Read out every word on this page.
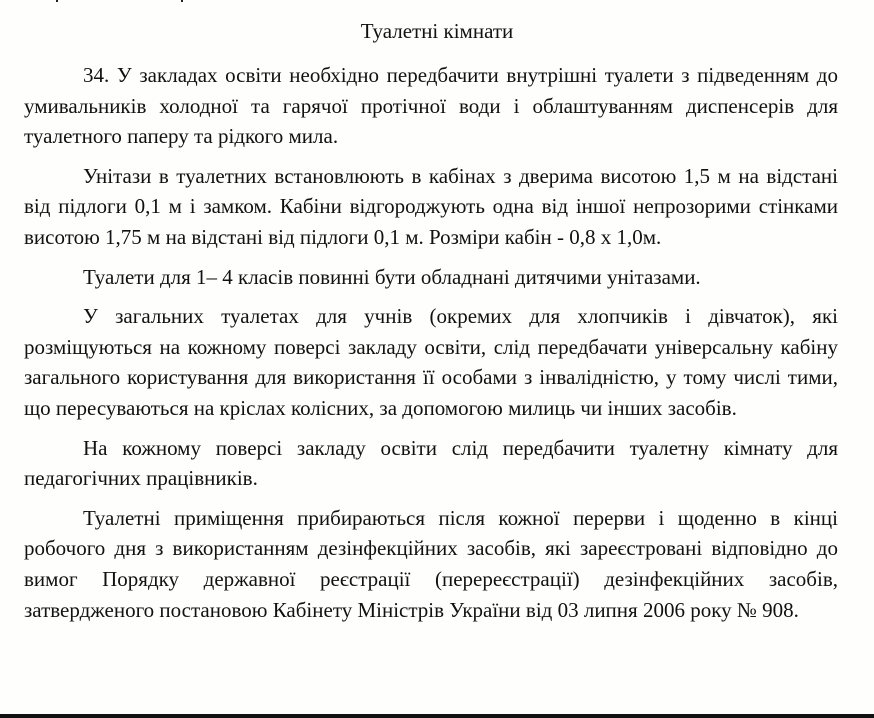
Туалетні кімнати

34. У закладах освіти необхідно передбачити внутрішні туалети з підведенням до умивальників холодної та гарячої протічної води і облаштуванням диспенсерів для туалетного паперу та рідкого мила.

Унітази в туалетних встановлюють в кабінах з дверима висотою 1,5 м на відстані від підлоги 0,1 м і замком. Кабіни відгороджують одна від іншої непрозорими стінками висотою 1,75 м на відстані від підлоги 0,1 м. Розміри кабін - 0,8 х 1,0м.

Туалети для 1– 4 класів повинні бути обладнані дитячими унітазами.

У загальних туалетах для учнів (окремих для хлопчиків і дівчаток), які розміщуються на кожному поверсі закладу освіти, слід передбачати універсальну кабіну загального користування для використання її особами з інвалідністю, у тому числі тими, що пересуваються на кріслах колісних, за допомогою милиць чи інших засобів.

На кожному поверсі закладу освіти слід передбачити туалетну кімнату для педагогічних працівників.

Туалетні приміщення прибираються після кожної перерви і щоденно в кінці робочого дня з використанням дезінфекційних засобів, які зареєстровані відповідно до вимог Порядку державної реєстрації (перереєстрації) дезінфекційних засобів, затвердженого постановою Кабінету Міністрів України від 03 липня 2006 року № 908.
